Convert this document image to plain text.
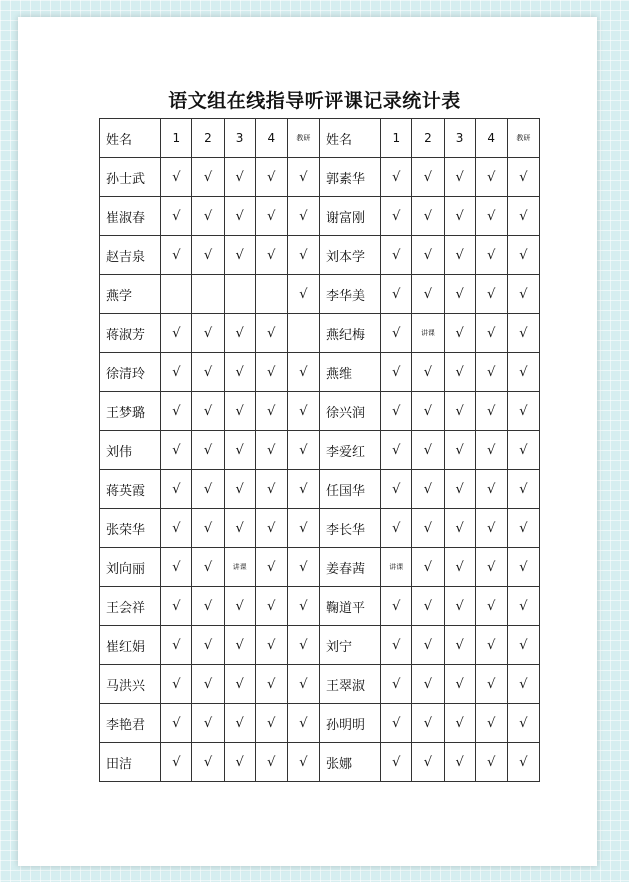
语文组在线指导听评课记录统计表
姓名	1	2	3	4	教研	姓名	1	2	3	4	教研
孙士武	√	√	√	√	√	郭素华	√	√	√	√	√
崔淑春	√	√	√	√	√	谢富刚	√	√	√	√	√
赵吉泉	√	√	√	√	√	刘本学	√	√	√	√	√
燕学					√	李华美	√	√	√	√	√
蒋淑芳	√	√	√	√		燕纪梅	√	讲课	√	√	√
徐清玲	√	√	√	√	√	燕维	√	√	√	√	√
王梦璐	√	√	√	√	√	徐兴润	√	√	√	√	√
刘伟	√	√	√	√	√	李爱红	√	√	√	√	√
蒋英霞	√	√	√	√	√	任国华	√	√	√	√	√
张荣华	√	√	√	√	√	李长华	√	√	√	√	√
刘向丽	√	√	讲课	√	√	姜春茜	讲课	√	√	√	√
王会祥	√	√	√	√	√	鞠道平	√	√	√	√	√
崔红娟	√	√	√	√	√	刘宁	√	√	√	√	√
马洪兴	√	√	√	√	√	王翠淑	√	√	√	√	√
李艳君	√	√	√	√	√	孙明明	√	√	√	√	√
田洁	√	√	√	√	√	张娜	√	√	√	√	√
